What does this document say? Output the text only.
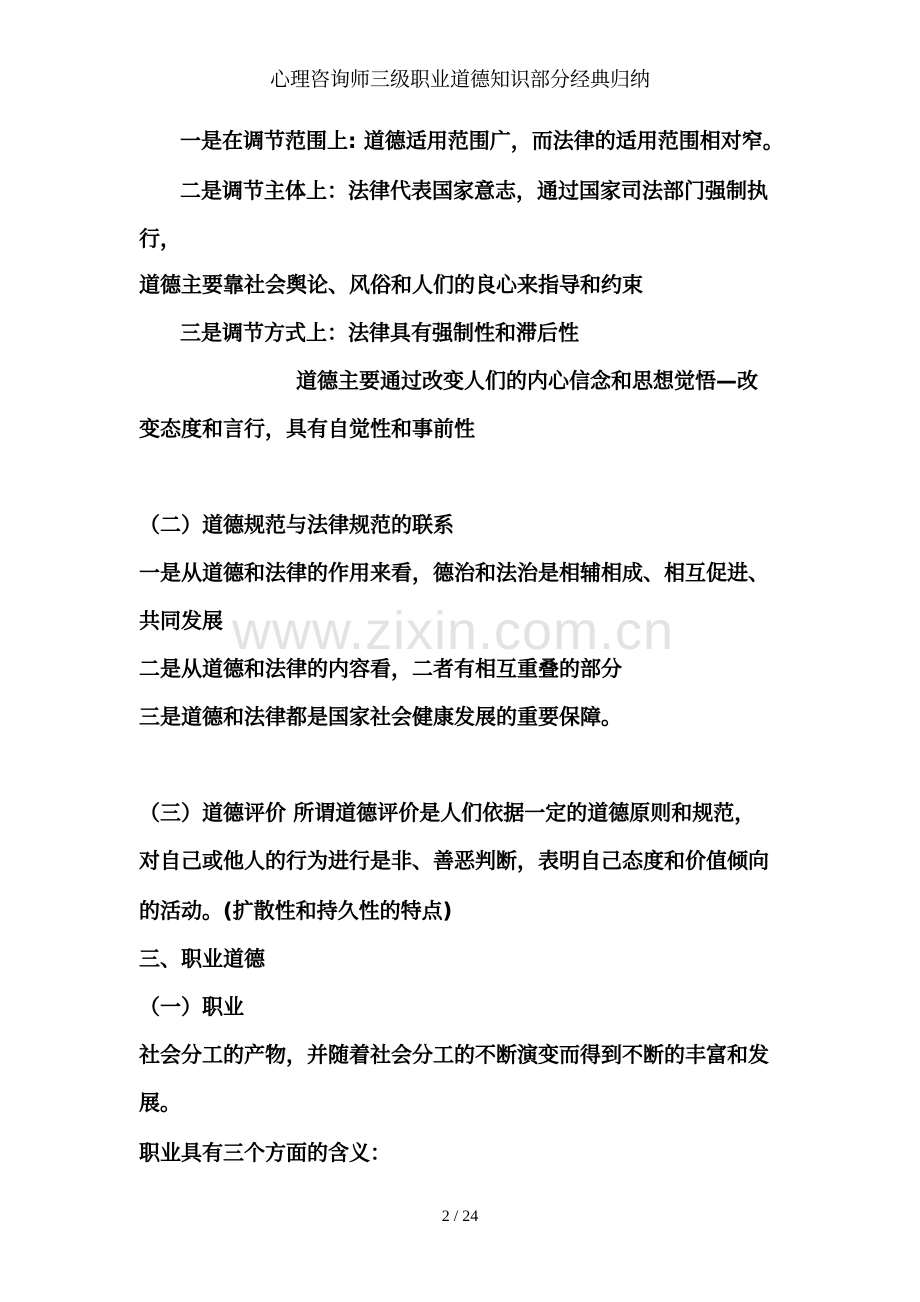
心理咨询师三级职业道德知识部分经典归纳
www.zixin.com.cn
一是在调节范围上: 道德适用范围广，而法律的适用范围相对窄。
二是调节主体上：法律代表国家意志，通过国家司法部门强制执
行，
道德主要靠社会舆论、风俗和人们的良心来指导和约束
三是调节方式上：法律具有强制性和滞后性
道德主要通过改变人们的内心信念和思想觉悟—改
变态度和言行，具有自觉性和事前性
（二）道德规范与法律规范的联系
一是从道德和法律的作用来看，德治和法治是相辅相成、相互促进、
共同发展
二是从道德和法律的内容看，二者有相互重叠的部分
三是道德和法律都是国家社会健康发展的重要保障。
（三）道德评价 所谓道德评价是人们依据一定的道德原则和规范，
对自己或他人的行为进行是非、善恶判断，表明自己态度和价值倾向
的活动。(扩散性和持久性的特点)
三、职业道德
（一）职业
社会分工的产物，并随着社会分工的不断演变而得到不断的丰富和发
展。
职业具有三个方面的含义：
2 / 24
